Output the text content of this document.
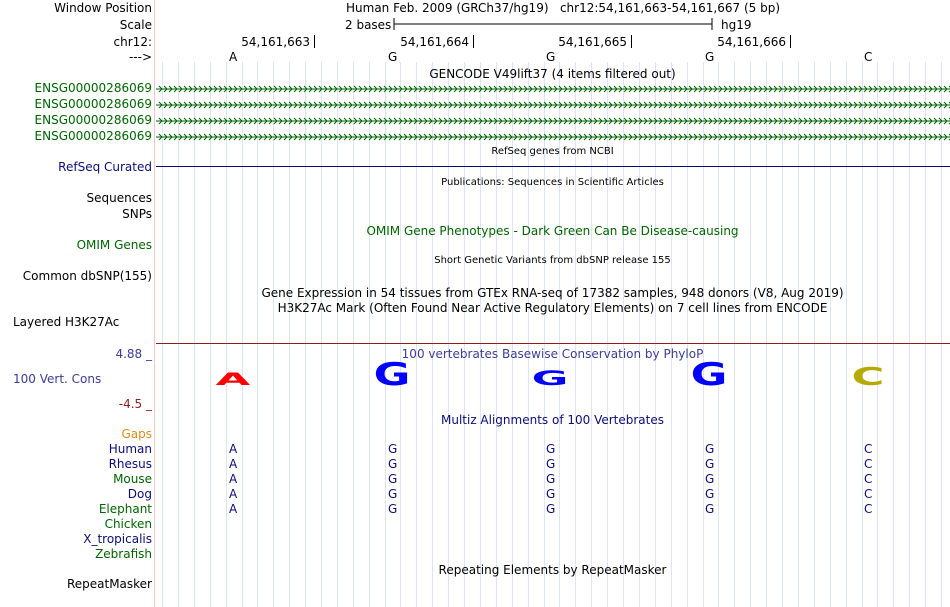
Window Position
Scale
chr12:
--->
Human Feb. 2009 (GRCh37/hg19)   chr12:54,161,663-54,161,667 (5 bp)
2 bases	hg19
54,161,663	54,161,664	54,161,665	54,161,666
A	G	G	G	C
GENCODE V49lift37 (4 items filtered out)
ENSG00000286069
ENSG00000286069
ENSG00000286069
ENSG00000286069
RefSeq genes from NCBI
RefSeq Curated
Publications: Sequences in Scientific Articles
Sequences
SNPs
OMIM Gene Phenotypes - Dark Green Can Be Disease-causing
OMIM Genes
Short Genetic Variants from dbSNP release 155
Common dbSNP(155)
Gene Expression in 54 tissues from GTEx RNA-seq of 17382 samples, 948 donors (V8, Aug 2019)
H3K27Ac Mark (Often Found Near Active Regulatory Elements) on 7 cell lines from ENCODE
Layered H3K27Ac
100 vertebrates Basewise Conservation by PhyloP
4.88 _
100 Vert. Cons
-4.5 _
A	G	G	G	C
Multiz Alignments of 100 Vertebrates
Gaps
Human	A	G	G	G	C
Rhesus	A	G	G	G	C
Mouse	A	G	G	G	C
Dog	A	G	G	G	C
Elephant	A	G	G	G	C
Chicken
X_tropicalis
Zebrafish
Repeating Elements by RepeatMasker
RepeatMasker
